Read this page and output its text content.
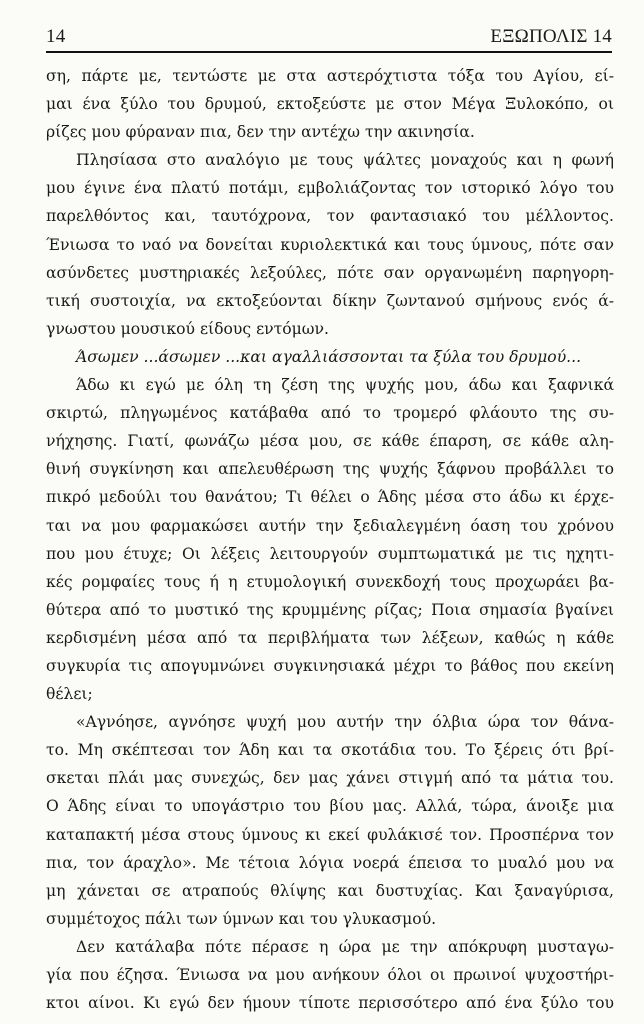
14	ΕΞΩΠΟΛΙΣ 14
ση, πάρτε με, τεντώστε με στα αστερόχτιστα τόξα του Αγίου, εί-
μαι ένα ξύλο του δρυμού, εκτοξεύστε με στον Μέγα Ξυλοκόπο, οι
ρίζες μου φύραναν πια, δεν την αντέχω την ακινησία.
Πλησίασα στο αναλόγιο με τους ψάλτες μοναχούς και η φωνή
μου έγινε ένα πλατύ ποτάμι, εμβολιάζοντας τον ιστορικό λόγο του
παρελθόντος και, ταυτόχρονα, τον φαντασιακό του μέλλοντος.
Ένιωσα το ναό να δονείται κυριολεκτικά και τους ύμνους, πότε σαν
ασύνδετες μυστηριακές λεξούλες, πότε σαν οργανωμένη παρηγορη-
τική συστοιχία, να εκτοξεύονται δίκην ζωντανού σμήνους ενός ά-
γνωστου μουσικού είδους εντόμων.
Άσωμεν ...άσωμεν ...και αγαλλιάσσονται τα ξύλα του δρυμού...
Άδω κι εγώ με όλη τη ζέση της ψυχής μου, άδω και ξαφνικά
σκιρτώ, πληγωμένος κατάβαθα από το τρομερό φλάουτο της συ-
νήχησης. Γιατί, φωνάζω μέσα μου, σε κάθε έπαρση, σε κάθε αλη-
θινή συγκίνηση και απελευθέρωση της ψυχής ξάφνου προβάλλει το
πικρό μεδούλι του θανάτου; Τι θέλει ο Άδης μέσα στο άδω κι έρχε-
ται να μου φαρμακώσει αυτήν την ξεδιαλεγμένη όαση του χρόνου
που μου έτυχε; Οι λέξεις λειτουργούν συμπτωματικά με τις ηχητι-
κές ρομφαίες τους ή η ετυμολογική συνεκδοχή τους προχωράει βα-
θύτερα από το μυστικό της κρυμμένης ρίζας; Ποια σημασία βγαίνει
κερδισμένη μέσα από τα περιβλήματα των λέξεων, καθώς η κάθε
συγκυρία τις απογυμνώνει συγκινησιακά μέχρι το βάθος που εκείνη
θέλει;
«Αγνόησε, αγνόησε ψυχή μου αυτήν την όλβια ώρα τον θάνα-
το. Μη σκέπτεσαι τον Άδη και τα σκοτάδια του. Το ξέρεις ότι βρί-
σκεται πλάι μας συνεχώς, δεν μας χάνει στιγμή από τα μάτια του.
Ο Άδης είναι το υπογάστριο του βίου μας. Αλλά, τώρα, άνοιξε μια
καταπακτή μέσα στους ύμνους κι εκεί φυλάκισέ τον. Προσπέρνα τον
πια, τον άραχλο». Με τέτοια λόγια νοερά έπεισα το μυαλό μου να
μη χάνεται σε ατραπούς θλίψης και δυστυχίας. Και ξαναγύρισα,
συμμέτοχος πάλι των ύμνων και του γλυκασμού.
Δεν κατάλαβα πότε πέρασε η ώρα με την απόκρυφη μυσταγω-
γία που έζησα. Ένιωσα να μου ανήκουν όλοι οι πρωινοί ψυχοστήρι-
κτοι αίνοι. Κι εγώ δεν ήμουν τίποτε περισσότερο από ένα ξύλο του
